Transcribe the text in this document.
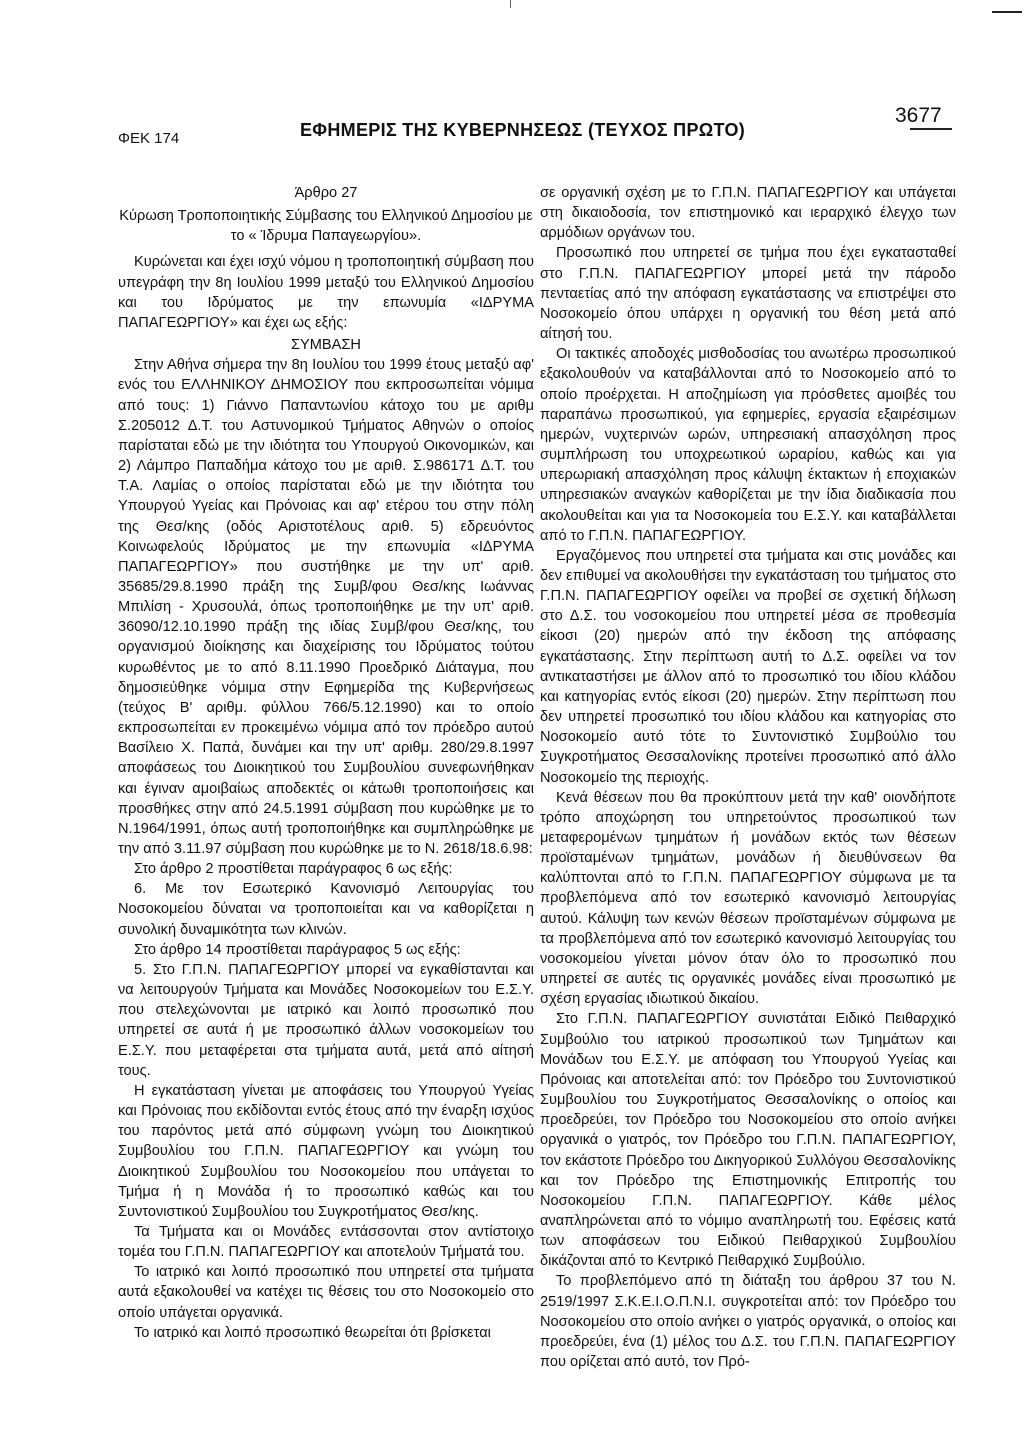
ΦΕΚ 174	ΕΦΗΜΕΡΙΣ ΤΗΣ ΚΥΒΕΡΝΗΣΕΩΣ (ΤΕΥΧΟΣ ΠΡΩΤΟ)
3677

Άρθρο 27

Κύρωση Τροποποιητικής Σύμβασης του Ελληνικού Δημοσίου με το « Ίδρυμα Παπαγεωργίου».

Κυρώνεται και έχει ισχύ νόμου η τροποποιητική σύμβαση που υπεγράφη την 8η Ιουλίου 1999 μεταξύ του Ελληνικού Δημοσίου και του Ιδρύματος με την επωνυμία «ΙΔΡΥΜΑ ΠΑΠΑΓΕΩΡΓΙΟΥ» και έχει ως εξής:

ΣΥΜΒΑΣΗ

Στην Αθήνα σήμερα την 8η Ιουλίου του 1999 έτους μεταξύ αφ' ενός του ΕΛΛΗΝΙΚΟΥ ΔΗΜΟΣΙΟΥ που εκπροσωπείται νόμιμα από τους: 1) Γιάννο Παπαντωνίου κάτοχο του με αριθμ Σ.205012 Δ.Τ. του Αστυνομικού Τμήματος Αθηνών ο οποίος παρίσταται εδώ με την ιδιότητα του Υπουργού Οικονομικών, και 2) Λάμπρο Παπαδήμα κάτοχο του με αριθ. Σ.986171 Δ.Τ. του Τ.Α. Λαμίας ο οποίος παρίσταται εδώ με την ιδιότητα του Υπουργού Υγείας και Πρόνοιας και αφ' ετέρου του στην πόλη της Θεσ/κης (οδός Αριστοτέλους αριθ. 5) εδρευόντος Κοινωφελούς Ιδρύματος με την επωνυμία «ΙΔΡΥΜΑ ΠΑΠΑΓΕΩΡΓΙΟΥ» που συστήθηκε με την υπ' αριθ. 35685/29.8.1990 πράξη της Συμβ/φου Θεσ/κης Ιωάννας Μπιλίση - Χρυσουλά, όπως τροποποιήθηκε με την υπ' αριθ. 36090/12.10.1990 πράξη της ιδίας Συμβ/φου Θεσ/κης, του οργανισμού διοίκησης και διαχείρισης του Ιδρύματος τούτου κυρωθέντος με το από 8.11.1990 Προεδρικό Διάταγμα, που δημοσιεύθηκε νόμιμα στην Εφημερίδα της Κυβερνήσεως (τεύχος Β' αριθμ. φύλλου 766/5.12.1990) και το οποίο εκπροσωπείται εν προκειμένω νόμιμα από τον πρόεδρο αυτού Βασίλειο Χ. Παπά, δυνάμει και την υπ' αριθμ. 280/29.8.1997 αποφάσεως του Διοικητικού του Συμβουλίου συνεφωνήθηκαν και έγιναν αμοιβαίως αποδεκτές οι κάτωθι τροποποιήσεις και προσθήκες στην από 24.5.1991 σύμβαση που κυρώθηκε με το Ν.1964/1991, όπως αυτή τροποποιήθηκε και συμπληρώθηκε με την από 3.11.97 σύμβαση που κυρώθηκε με το Ν. 2618/18.6.98:

Στο άρθρο 2 προστίθεται παράγραφος 6 ως εξής:

6. Με τον Εσωτερικό Κανονισμό Λειτουργίας του Νοσοκομείου δύναται να τροποποιείται και να καθορίζεται η συνολική δυναμικότητα των κλινών.

Στο άρθρο 14 προστίθεται παράγραφος 5 ως εξής:

5. Στο Γ.Π.Ν. ΠΑΠΑΓΕΩΡΓΙΟΥ μπορεί να εγκαθίστανται και να λειτουργούν Τμήματα και Μονάδες Νοσοκομείων του Ε.Σ.Υ. που στελεχώνονται με ιατρικό και λοιπό προσωπικό που υπηρετεί σε αυτά ή με προσωπικό άλλων νοσοκομείων του Ε.Σ.Υ. που μεταφέρεται στα τμήματα αυτά, μετά από αίτησή τους.

Η εγκατάσταση γίνεται με αποφάσεις του Υπουργού Υγείας και Πρόνοιας που εκδίδονται εντός έτους από την έναρξη ισχύος του παρόντος μετά από σύμφωνη γνώμη του Διοικητικού Συμβουλίου του Γ.Π.Ν. ΠΑΠΑΓΕΩΡΓΙΟΥ και γνώμη του Διοικητικού Συμβουλίου του Νοσοκομείου που υπάγεται το Τμήμα ή η Μονάδα ή το προσωπικό καθώς και του Συντονιστικού Συμβουλίου του Συγκροτήματος Θεσ/κης.

Τα Τμήματα και οι Μονάδες εντάσσονται στον αντίστοιχο τομέα του Γ.Π.Ν. ΠΑΠΑΓΕΩΡΓΙΟΥ και αποτελούν Τμήματά του.

Το ιατρικό και λοιπό προσωπικό που υπηρετεί στα τμήματα αυτά εξακολουθεί να κατέχει τις θέσεις του στο Νοσοκομείο στο οποίο υπάγεται οργανικά.

Το ιατρικό και λοιπό προσωπικό θεωρείται ότι βρίσκεται

σε οργανική σχέση με το Γ.Π.Ν. ΠΑΠΑΓΕΩΡΓΙΟΥ και υπάγεται στη δικαιοδοσία, τον επιστημονικό και ιεραρχικό έλεγχο των αρμόδιων οργάνων του.

Προσωπικό που υπηρετεί σε τμήμα που έχει εγκατασταθεί στο Γ.Π.Ν. ΠΑΠΑΓΕΩΡΓΙΟΥ μπορεί μετά την πάροδο πενταετίας από την απόφαση εγκατάστασης να επιστρέψει στο Νοσοκομείο όπου υπάρχει η οργανική του θέση μετά από αίτησή του.

Οι τακτικές αποδοχές μισθοδοσίας του ανωτέρω προσωπικού εξακολουθούν να καταβάλλονται από το Νοσοκομείο από το οποίο προέρχεται. Η αποζημίωση για πρόσθετες αμοιβές του παραπάνω προσωπικού, για εφημερίες, εργασία εξαιρέσιμων ημερών, νυχτερινών ωρών, υπηρεσιακή απασχόληση προς συμπλήρωση του υποχρεωτικού ωραρίου, καθώς και για υπερωριακή απασχόληση προς κάλυψη έκτακτων ή εποχιακών υπηρεσιακών αναγκών καθορίζεται με την ίδια διαδικασία που ακολουθείται και για τα Νοσοκομεία του Ε.Σ.Υ. και καταβάλλεται από το Γ.Π.Ν. ΠΑΠΑΓΕΩΡΓΙΟΥ.

Εργαζόμενος που υπηρετεί στα τμήματα και στις μονάδες και δεν επιθυμεί να ακολουθήσει την εγκατάσταση του τμήματος στο Γ.Π.Ν. ΠΑΠΑΓΕΩΡΓΙΟΥ οφείλει να προβεί σε σχετική δήλωση στο Δ.Σ. του νοσοκομείου που υπηρετεί μέσα σε προθεσμία είκοσι (20) ημερών από την έκδοση της απόφασης εγκατάστασης. Στην περίπτωση αυτή το Δ.Σ. οφείλει να τον αντικαταστήσει με άλλον από το προσωπικό του ιδίου κλάδου και κατηγορίας εντός είκοσι (20) ημερών. Στην περίπτωση που δεν υπηρετεί προσωπικό του ιδίου κλάδου και κατηγορίας στο Νοσοκομείο αυτό τότε το Συντονιστικό Συμβούλιο του Συγκροτήματος Θεσσαλονίκης προτείνει προσωπικό από άλλο Νοσοκομείο της περιοχής.

Κενά θέσεων που θα προκύπτουν μετά την καθ' οιονδήποτε τρόπο αποχώρηση του υπηρετούντος προσωπικού των μεταφερομένων τμημάτων ή μονάδων εκτός των θέσεων προϊσταμένων τμημάτων, μονάδων ή διευθύνσεων θα καλύπτονται από το Γ.Π.Ν. ΠΑΠΑΓΕΩΡΓΙΟΥ σύμφωνα με τα προβλεπόμενα από τον εσωτερικό κανονισμό λειτουργίας αυτού. Κάλυψη των κενών θέσεων προϊσταμένων σύμφωνα με τα προβλεπόμενα από τον εσωτερικό κανονισμό λειτουργίας του νοσοκομείου γίνεται μόνον όταν όλο το προσωπικό που υπηρετεί σε αυτές τις οργανικές μονάδες είναι προσωπικό με σχέση εργασίας ιδιωτικού δικαίου.

Στο Γ.Π.Ν. ΠΑΠΑΓΕΩΡΓΙΟΥ συνιστάται Ειδικό Πειθαρχικό Συμβούλιο του ιατρικού προσωπικού των Τμημάτων και Μονάδων του Ε.Σ.Υ. με απόφαση του Υπουργού Υγείας και Πρόνοιας και αποτελείται από: τον Πρόεδρο του Συντονιστικού Συμβουλίου του Συγκροτήματος Θεσσαλονίκης ο οποίος και προεδρεύει, τον Πρόεδρο του Νοσοκομείου στο οποίο ανήκει οργανικά ο γιατρός, τον Πρόεδρο του Γ.Π.Ν. ΠΑΠΑΓΕΩΡΓΙΟΥ, τον εκάστοτε Πρόεδρο του Δικηγορικού Συλλόγου Θεσσαλονίκης και τον Πρόεδρο της Επιστημονικής Επιτροπής του Νοσοκομείου Γ.Π.Ν. ΠΑΠΑΓΕΩΡΓΙΟΥ. Κάθε μέλος αναπληρώνεται από το νόμιμο αναπληρωτή του. Εφέσεις κατά των αποφάσεων του Ειδικού Πειθαρχικού Συμβουλίου δικάζονται από το Κεντρικό Πειθαρχικό Συμβούλιο.

Το προβλεπόμενο από τη διάταξη του άρθρου 37 του Ν. 2519/1997 Σ.Κ.Ε.Ι.Ο.Π.Ν.Ι. συγκροτείται από: τον Πρόεδρο του Νοσοκομείου στο οποίο ανήκει ο γιατρός οργανικά, ο οποίος και προεδρεύει, ένα (1) μέλος του Δ.Σ. του Γ.Π.Ν. ΠΑΠΑΓΕΩΡΓΙΟΥ που ορίζεται από αυτό, τον Πρό-
